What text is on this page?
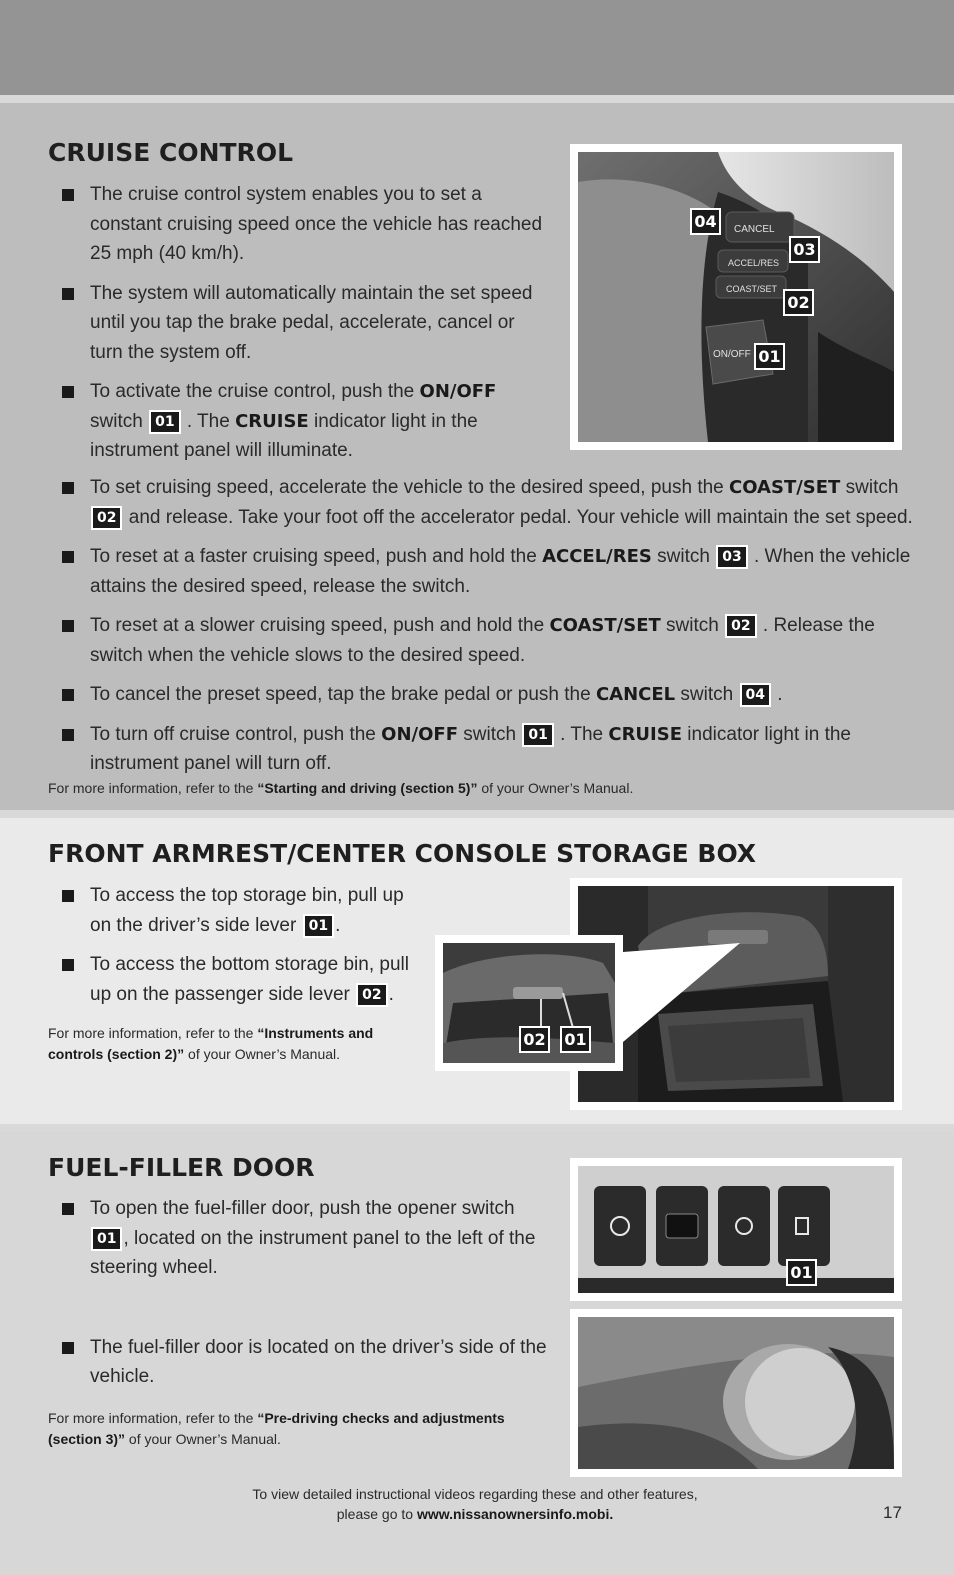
CRUISE CONTROL
The cruise control system enables you to set a constant cruising speed once the vehicle has reached 25 mph (40 km/h).
The system will automatically maintain the set speed until you tap the brake pedal, accelerate, cancel or turn the system off.
To activate the cruise control, push the ON/OFF switch 01 . The CRUISE indicator light in the instrument panel will illuminate.
To set cruising speed, accelerate the vehicle to the desired speed, push the COAST/SET switch 02 and release. Take your foot off the accelerator pedal. Your vehicle will maintain the set speed.
To reset at a faster cruising speed, push and hold the ACCEL/RES switch 03 . When the vehicle attains the desired speed, release the switch.
To reset at a slower cruising speed, push and hold the COAST/SET switch 02 . Release the switch when the vehicle slows to the desired speed.
To cancel the preset speed, tap the brake pedal or push the CANCEL switch 04 .
To turn off cruise control, push the ON/OFF switch 01 . The CRUISE indicator light in the instrument panel will turn off.

For more information, refer to the “Starting and driving (section 5)” of your Owner’s Manual.

CANCEL
ACCEL/RES
COAST/SET
ON/OFF
04
03
02
01
FRONT ARMREST/CENTER CONSOLE STORAGE BOX
To access the top storage bin, pull up on the driver’s side lever 01 .
To access the bottom storage bin, pull up on the passenger side lever 02 .

For more information, refer to the “Instruments and controls (section 2)” of your Owner’s Manual.

02 01
FUEL-FILLER DOOR
To open the fuel-filler door, push the opener switch 01 , located on the instrument panel to the left of the steering wheel.
The fuel-filler door is located on the driver’s side of the vehicle.

For more information, refer to the “Pre-driving checks and adjustments (section 3)” of your Owner’s Manual.

01
To view detailed instructional videos regarding these and other features,
please go to www.nissanownersinfo.mobi.	17
